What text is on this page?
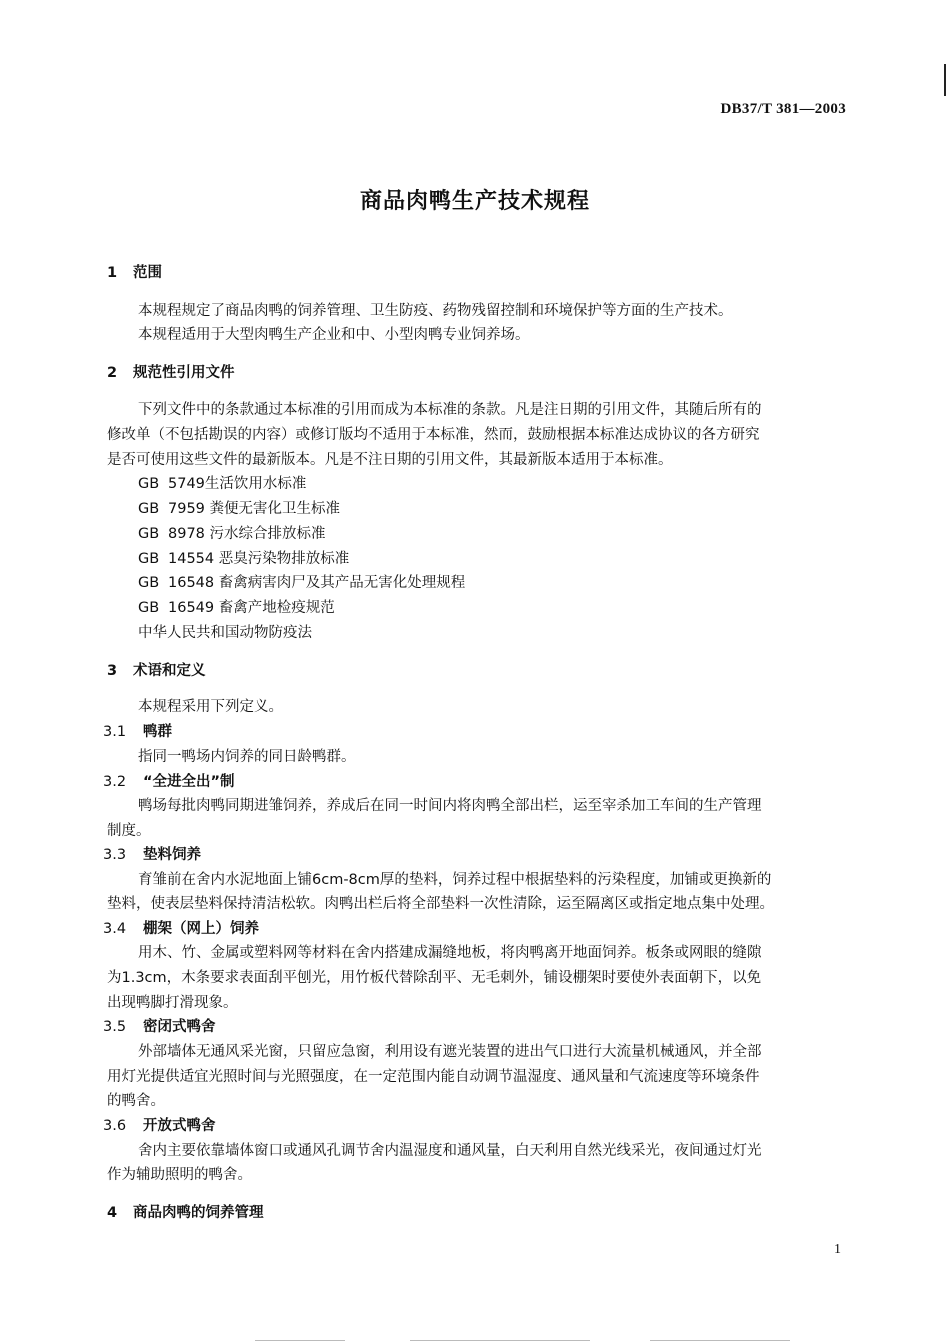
DB37/T 381—2003
商品肉鸭生产技术规程
1 范围
本规程规定了商品肉鸭的饲养管理、卫生防疫、药物残留控制和环境保护等方面的生产技术。
本规程适用于大型肉鸭生产企业和中、小型肉鸭专业饲养场。
2 规范性引用文件
下列文件中的条款通过本标准的引用而成为本标准的条款。凡是注日期的引用文件，其随后所有的
修改单（不包括勘误的内容）或修订版均不适用于本标准，然而，鼓励根据本标准达成协议的各方研究
是否可使用这些文件的最新版本。凡是不注日期的引用文件，其最新版本适用于本标准。
GB 5749生活饮用水标准
GB 7959 粪便无害化卫生标准
GB 8978 污水综合排放标准
GB 14554 恶臭污染物排放标准
GB 16548 畜禽病害肉尸及其产品无害化处理规程
GB 16549 畜禽产地检疫规范
中华人民共和国动物防疫法
3 术语和定义
本规程采用下列定义。
3.1 鸭群
指同一鸭场内饲养的同日龄鸭群。
3.2 “全进全出”制
鸭场每批肉鸭同期进雏饲养，养成后在同一时间内将肉鸭全部出栏，运至宰杀加工车间的生产管理
制度。
3.3 垫料饲养
育雏前在舍内水泥地面上铺6cm-8cm厚的垫料，饲养过程中根据垫料的污染程度，加铺或更换新的
垫料，使表层垫料保持清洁松软。肉鸭出栏后将全部垫料一次性清除，运至隔离区或指定地点集中处理。
3.4 棚架（网上）饲养
用木、竹、金属或塑料网等材料在舍内搭建成漏缝地板，将肉鸭离开地面饲养。板条或网眼的缝隙
为1.3cm，木条要求表面刮平刨光，用竹板代替除刮平、无毛刺外，铺设棚架时要使外表面朝下，以免
出现鸭脚打滑现象。
3.5 密闭式鸭舍
外部墙体无通风采光窗，只留应急窗，利用设有遮光装置的进出气口进行大流量机械通风，并全部
用灯光提供适宜光照时间与光照强度，在一定范围内能自动调节温湿度、通风量和气流速度等环境条件
的鸭舍。
3.6 开放式鸭舍
舍内主要依靠墙体窗口或通风孔调节舍内温湿度和通风量，白天利用自然光线采光，夜间通过灯光
作为辅助照明的鸭舍。
4 商品肉鸭的饲养管理
1
